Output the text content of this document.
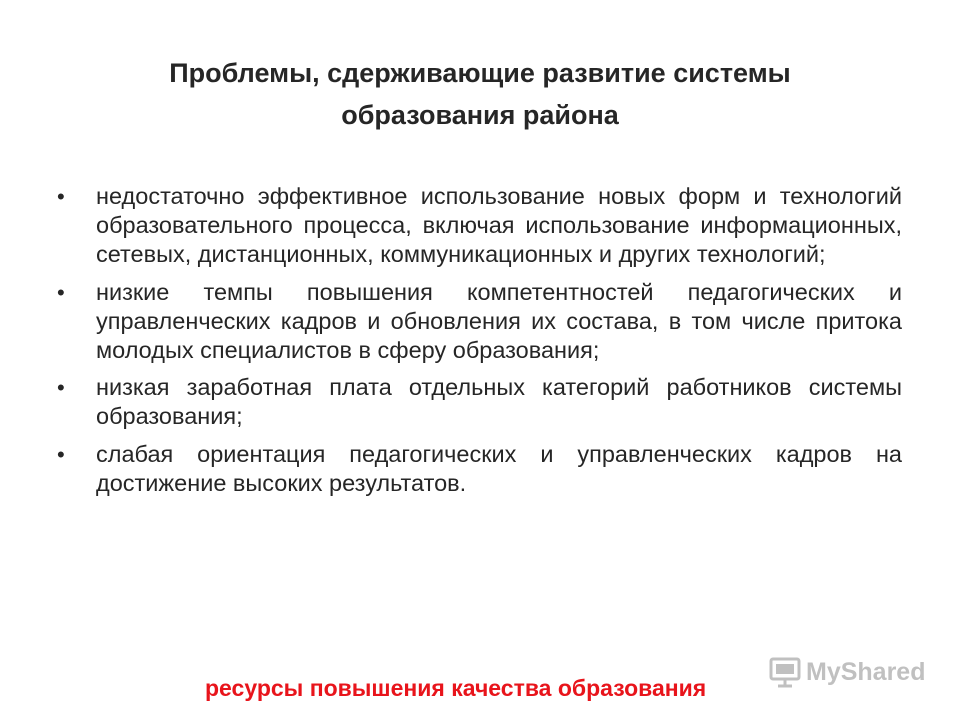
Проблемы, сдерживающие развитие системы
образования района
• недостаточно эффективное использование новых форм и технологий образовательного процесса, включая использование информационных, сетевых, дистанционных, коммуникационных и других технологий;
• низкие темпы повышения компетентностей педагогических и управленческих кадров и обновления их состава, в том числе притока молодых специалистов в сферу образования;
• низкая заработная плата отдельных категорий работников системы образования;
• слабая ориентация педагогических и управленческих кадров на достижение высоких результатов.
MyShared
ресурсы повышения качества образования
